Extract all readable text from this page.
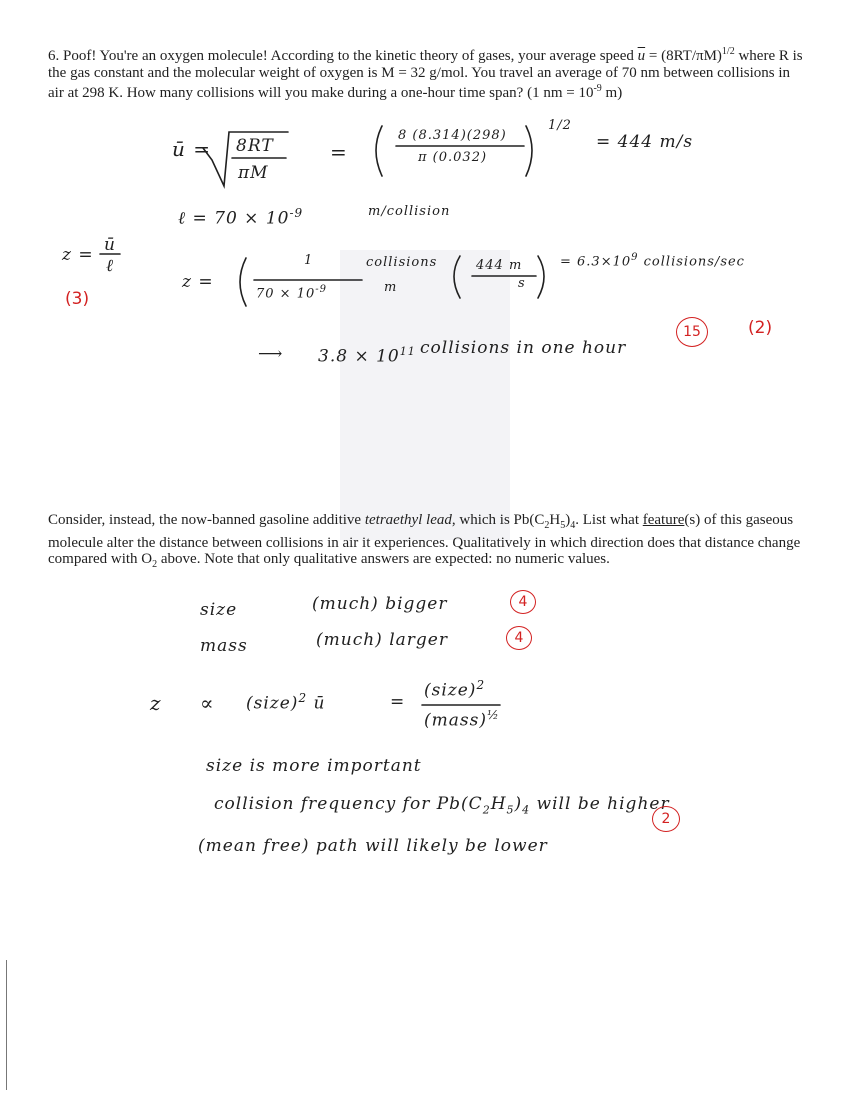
6. Poof! You're an oxygen molecule! According to the kinetic theory of gases, your average speed $\overline{u} = (8RT/\pi M)^{1/2}$ where R is the gas constant and the molecular weight of oxygen is M = 32 g/mol. You travel an average of 70 nm between collisions in air at 298 K. How many collisions will you make during a one-hour time span? (1 nm = $10^{-9}$ m)

ū = 8RT
πM
=
8 (8.314)(298)
π (0.032)
1/2
= 444 m/s
ℓ = $70 \times 10^{-9}$	m/collision
z = ū
ℓ
(3)
z =
1
$70 \times 10^{-9}$
collisions
m
444 m
s
= $6.3\times 10^9$ collisions/sec
⟶ $3.8 \times 10^{11}$ collisions in one hour
15	(2)

Consider, instead, the now-banned gasoline additive tetraethyl lead, which is $Pb(C_2H_5)_4$. List what feature(s) of this gaseous molecule alter the distance between collisions in air it experiences. Qualitatively in which direction does that distance change compared with $O_2$ above. Note that only qualitative answers are expected: no numeric values.

size	(much) bigger	4
mass	(much) larger	4
z ∝ (size)$^2$ ū	=
(size)$^2$
(mass)$^{\frac{1}{2}}$
size is more important
collision frequency for $Pb(C_2H_5)_4$ will be higher
(mean free) path will likely be lower
2
